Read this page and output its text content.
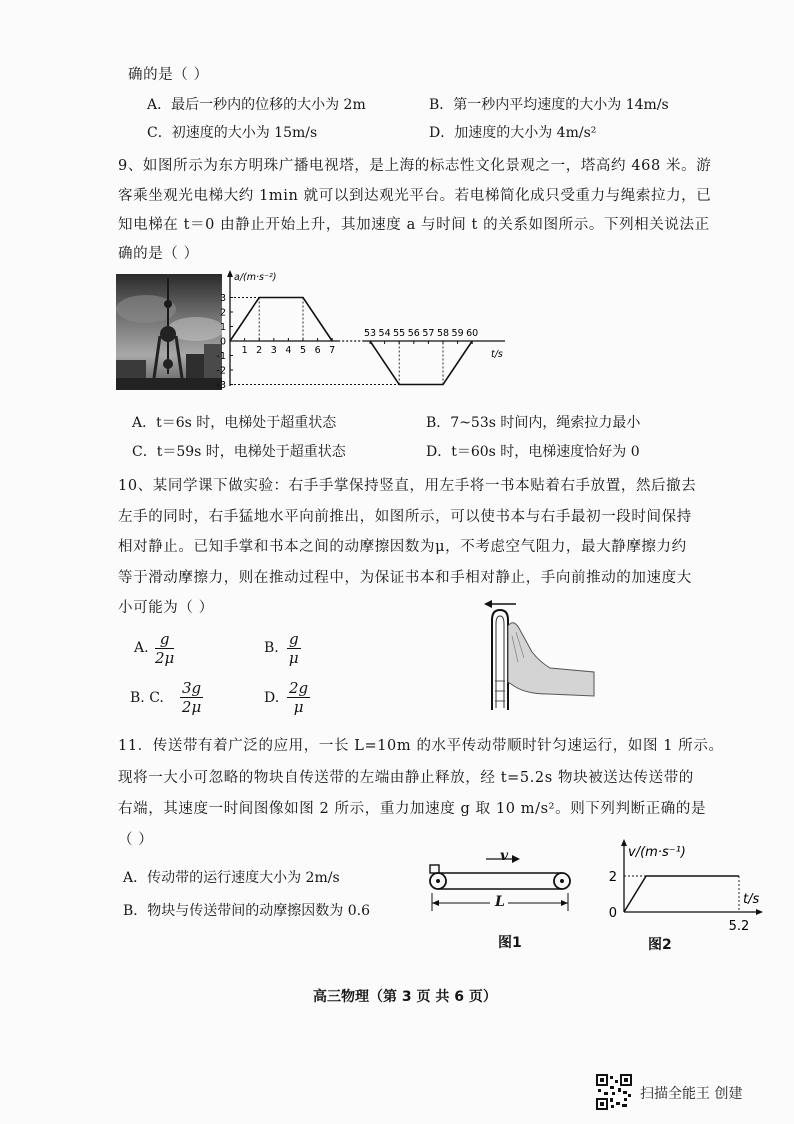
确的是（ ）
A．最后一秒内的位移的大小为 2m	B．第一秒内平均速度的大小为 14m/s
C．初速度的大小为 15m/s	D．加速度的大小为 4m/s²
9、如图所示为东方明珠广播电视塔，是上海的标志性文化景观之一，塔高约 468 米。游
客乘坐观光电梯大约 1min 就可以到达观光平台。若电梯简化成只受重力与绳索拉力，已
知电梯在 t＝0 由静止开始上升，其加速度 a 与时间 t 的关系如图所示。下列相关说法正
确的是（ ）
a/(m·s⁻²)
t/s
3
2
1
0
-1
-2
-3
1 2 3 4 5 6 7
53 54 55 56 57 58 59 60
A．t＝6s 时，电梯处于超重状态	B．7~53s 时间内，绳索拉力最小
C．t＝59s 时，电梯处于超重状态	D．t＝60s 时，电梯速度恰好为 0
10、某同学课下做实验：右手手掌保持竖直，用左手将一书本贴着右手放置，然后撤去
左手的同时，右手猛地水平向前推出，如图所示，可以使书本与右手最初一段时间保持
相对静止。已知手掌和书本之间的动摩擦因数为μ，不考虑空气阻力，最大静摩擦力约
等于滑动摩擦力，则在推动过程中，为保证书本和手相对静止，手向前推动的加速度大
小可能为（ ）
A. $\frac{g}{2\mu}$	B. $\frac{g}{\mu}$
B. C. $\frac{3g}{2\mu}$	D. $\frac{2g}{\mu}$
11．传送带有着广泛的应用，一长 L=10m 的水平传动带顺时针匀速运行，如图 1 所示。
现将一大小可忽略的物块自传送带的左端由静止释放，经 t=5.2s 物块被送达传送带的
右端，其速度一时间图像如图 2 所示，重力加速度 g 取 10 m/s²。则下列判断正确的是
（ ）
A．传动带的运行速度大小为 2m/s
B．物块与传送带间的动摩擦因数为 0.6
v
L
图1
v/(m·s⁻¹)
t/s
2
0
5.2
图2
高三物理（第 3 页 共 6 页）
扫描全能王 创建
